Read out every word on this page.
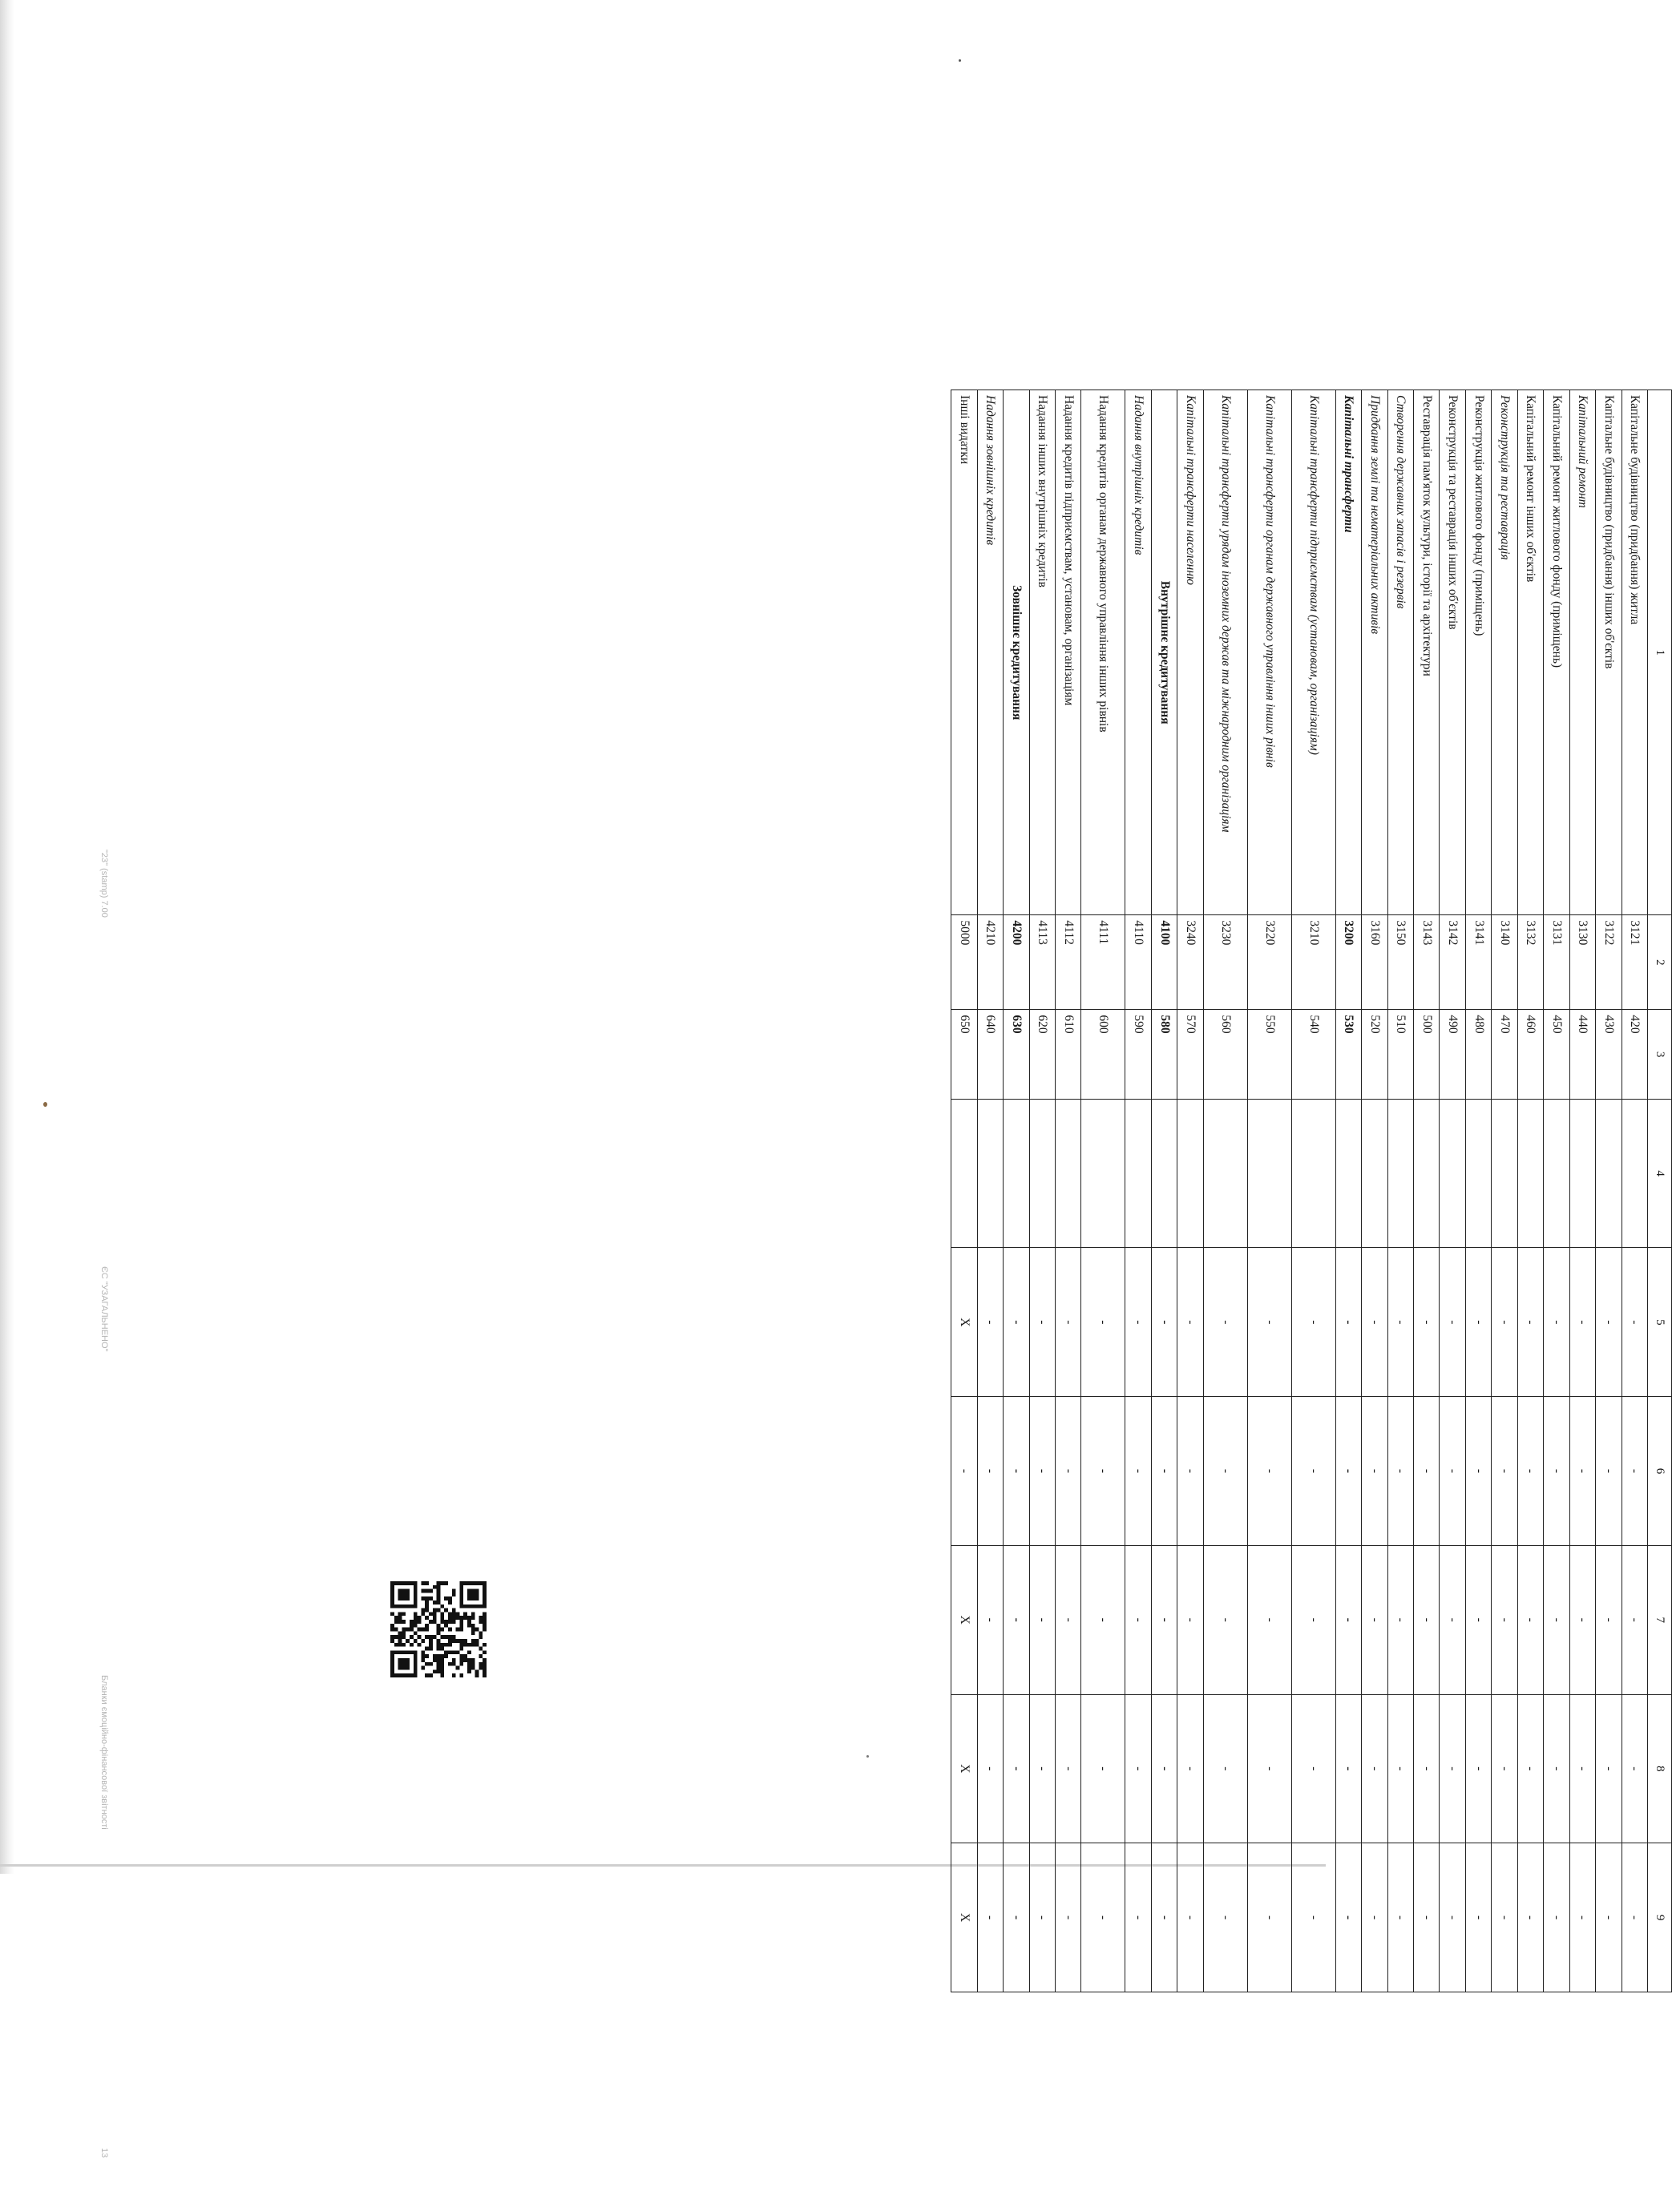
"23" (stamp) 7.00
ЄС "УЗАГАЛЬНЕНО"
Бланки ємоційно-фінансової звітності
13
1	2	3	4	5	6	7	8	9
Капітальне будівництво (придбання) житла	3121	420		-	-	-	-	-
Капітальне будівництво (придбання) інших об'єктів	3122	430		-	-	-	-	-
Капітальний ремонт	3130	440		-	-	-	-	-
Капітальний ремонт житлового фонду (приміщень)	3131	450		-	-	-	-	-
Капітальний ремонт інших об'єктів	3132	460		-	-	-	-	-
Реконструкція та реставрація	3140	470		-	-	-	-	-
Реконструкція житлового фонду (приміщень)	3141	480		-	-	-	-	-
Реконструкція та реставрація інших об'єктів	3142	490		-	-	-	-	-
Реставрація пам'яток культури, історії та архітектури	3143	500		-	-	-	-	-
Створення державних запасів і резервів	3150	510		-	-	-	-	-
Придбання землі та нематеріальних активів	3160	520		-	-	-	-	-
Капітальні трансферти	3200	530		-	-	-	-	-
Капітальні трансферти підприємствам (установам, організаціям)	3210	540		-	-	-	-	-
Капітальні трансферти органам державного управління інших рівнів	3220	550		-	-	-	-	-
Капітальні трансферти урядам іноземних держав та міжнародним організаціям	3230	560		-	-	-	-	-
Капітальні трансферти населенню	3240	570		-	-	-	-	-
Внутрішнє кредитування	4100	580		-	-	-	-	-
Надання внутрішніх кредитів	4110	590		-	-	-	-	-
Надання кредитів органам державного управління інших рівнів	4111	600		-	-	-	-	-
Надання кредитів підприємствам, установам, організаціям	4112	610		-	-	-	-	-
Надання інших внутрішніх кредитів	4113	620		-	-	-	-	-
Зовнішнє кредитування	4200	630		-	-	-	-	-
Надання зовнішніх кредитів	4210	640		-	-	-	-	-
Інші видатки	5000	650		X	-	X	X	X
